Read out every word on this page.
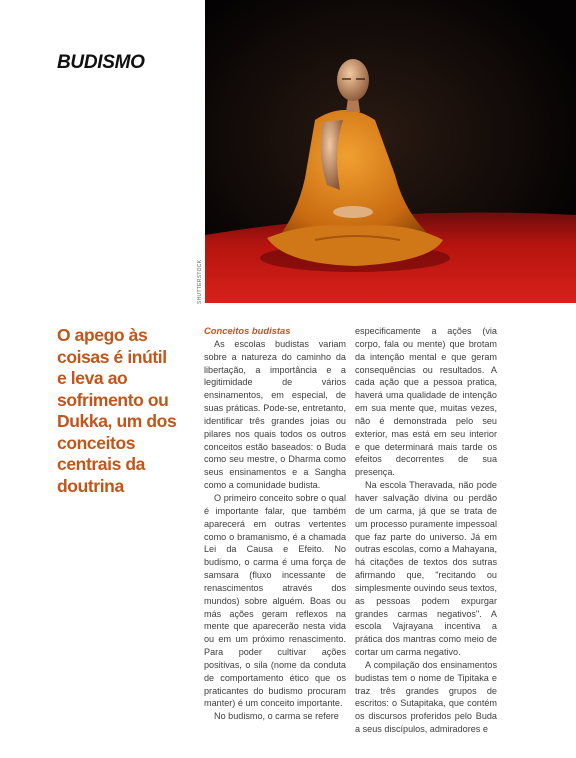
BUDISMO
SHUTTERSTOCK
O apego às coisas é inútil e leva ao sofrimento ou Dukka, um dos conceitos centrais da doutrina
Conceitos budistas

As escolas budistas variam sobre a natureza do caminho da libertação, a importância e a legitimidade de vários ensinamentos, em especial, de suas práticas. Pode-se, entretanto, identificar três grandes joias ou pilares nos quais todos os outros conceitos estão baseados: o Buda como seu mestre, o Dharma como seus ensinamentos e a Sangha como a comunidade budista.

O primeiro conceito sobre o qual é importante falar, que também aparecerá em outras vertentes como o bramanismo, é a chamada Lei da Causa e Efeito. No budismo, o carma é uma força de samsara (fluxo incessante de renascimentos através dos mundos) sobre alguém. Boas ou más ações geram reflexos na mente que aparecerão nesta vida ou em um próximo renascimento. Para poder cultivar ações positivas, o sila (nome da conduta de comportamento ético que os praticantes do budismo procuram manter) é um conceito importante.

No budismo, o carma se refere

especificamente a ações (via corpo, fala ou mente) que brotam da intenção mental e que geram consequências ou resultados. A cada ação que a pessoa pratica, haverá uma qualidade de intenção em sua mente que, muitas vezes, não é demonstrada pelo seu exterior, mas está em seu interior e que determinará mais tarde os efeitos decorrentes de sua presença.

Na escola Theravada, não pode haver salvação divina ou perdão de um carma, já que se trata de um processo puramente impessoal que faz parte do universo. Já em outras escolas, como a Mahayana, há citações de textos dos sutras afirmando que, "recitando ou simplesmente ouvindo seus textos, as pessoas podem expurgar grandes carmas negativos". A escola Vajrayana incentiva a prática dos mantras como meio de cortar um carma negativo.

A compilação dos ensinamentos budistas tem o nome de Tipitaka e traz três grandes grupos de escritos: o Sutapitaka, que contém os discursos proferidos pelo Buda a seus discípulos, admiradores e
